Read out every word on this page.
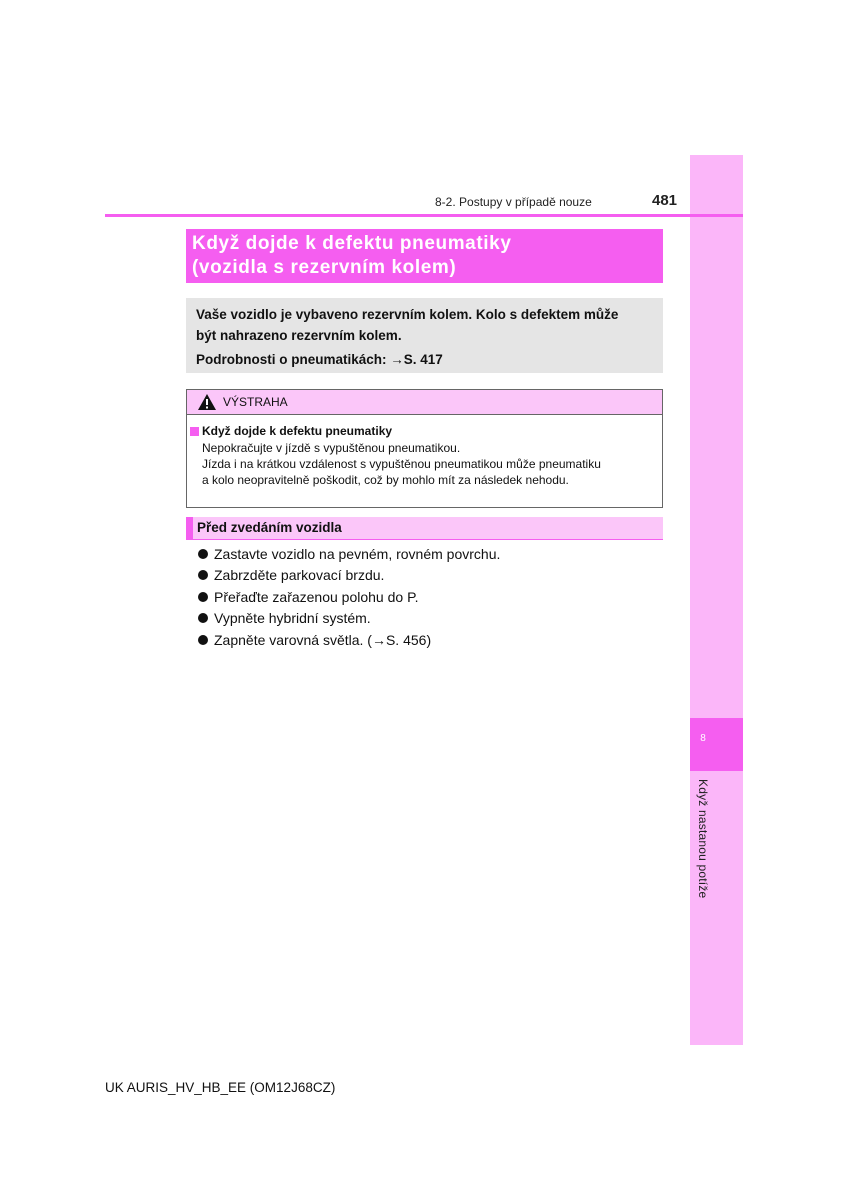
8
Když nastanou potíže
8-2. Postupy v případě nouze	481
Když dojde k defektu pneumatiky
(vozidla s rezervním kolem)
Vaše vozidlo je vybaveno rezervním kolem. Kolo s defektem může
být nahrazeno rezervním kolem.
Podrobnosti o pneumatikách: →S. 417
VÝSTRAHA
Když dojde k defektu pneumatiky
Nepokračujte v jízdě s vypuštěnou pneumatikou.
Jízda i na krátkou vzdálenost s vypuštěnou pneumatikou může pneumatiku
a kolo neopravitelně poškodit, což by mohlo mít za následek nehodu.
Před zvedáním vozidla
Zastavte vozidlo na pevném, rovném povrchu.
Zabrzděte parkovací brzdu.
Přeřaďte zařazenou polohu do P.
Vypněte hybridní systém.
Zapněte varovná světla. (→S. 456)
UK AURIS_HV_HB_EE (OM12J68CZ)
